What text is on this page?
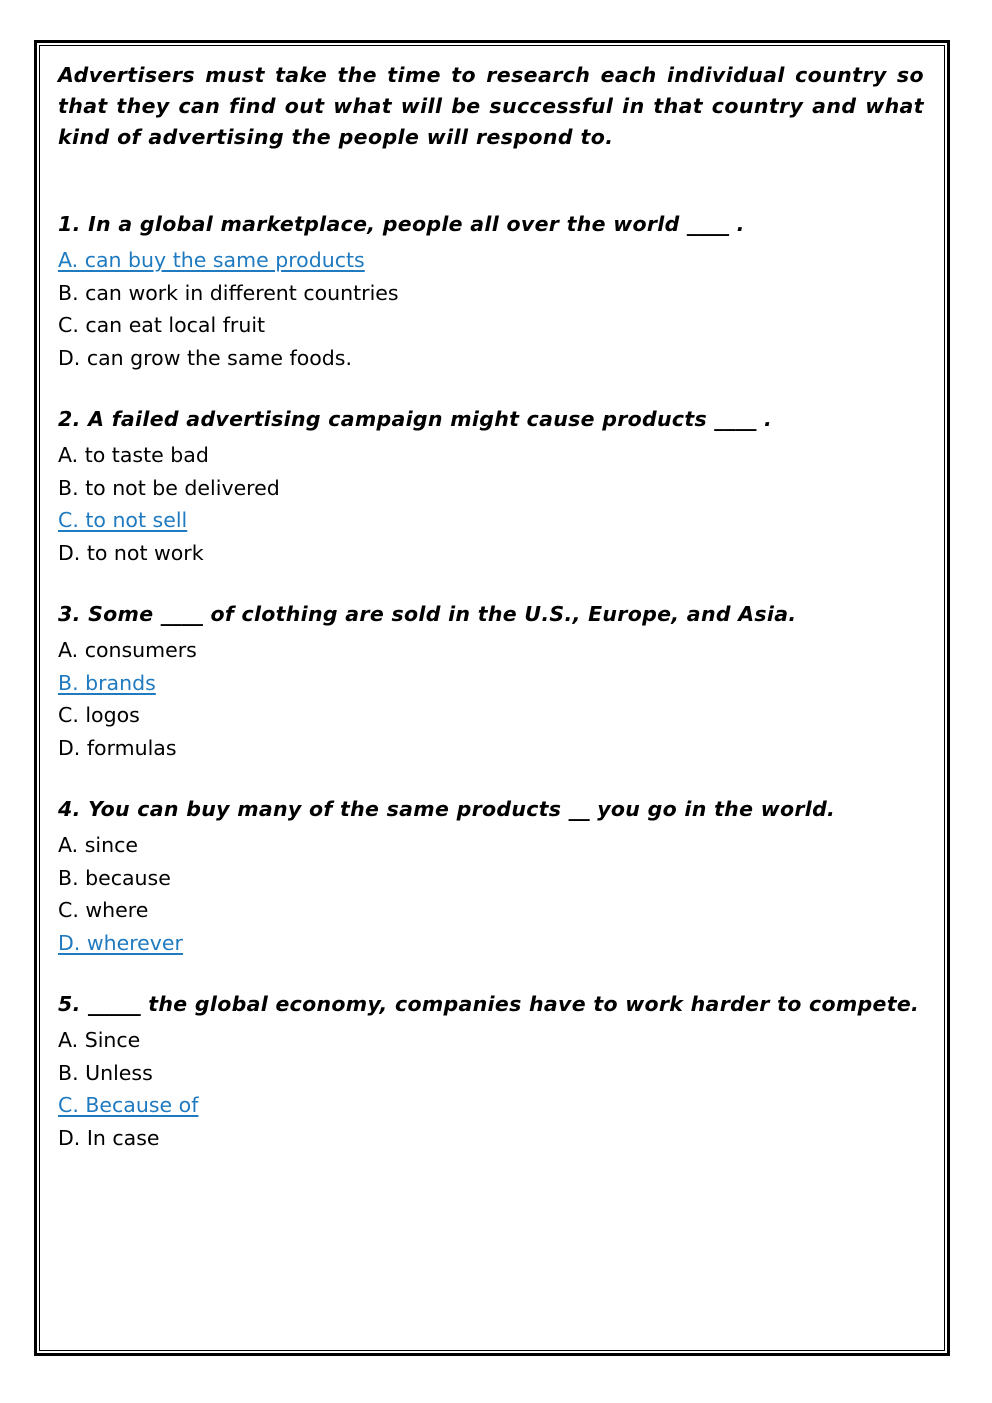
Advertisers must take the time to research each individual country so that they can find out what will be successful in that country and what kind of advertising the people will respond to.

1. In a global marketplace, people all over the world ____ .
A. can buy the same products
B. can work in different countries
C. can eat local fruit
D. can grow the same foods.
2. A failed advertising campaign might cause products ____ .
A. to taste bad
B. to not be delivered
C. to not sell
D. to not work
3. Some ____ of clothing are sold in the U.S., Europe, and Asia.
A. consumers
B. brands
C. logos
D. formulas
4. You can buy many of the same products __ you go in the world.
A. since
B. because
C. where
D. wherever
5. _____ the global economy, companies have to work harder to compete.
A. Since
B. Unless
C. Because of
D. In case
